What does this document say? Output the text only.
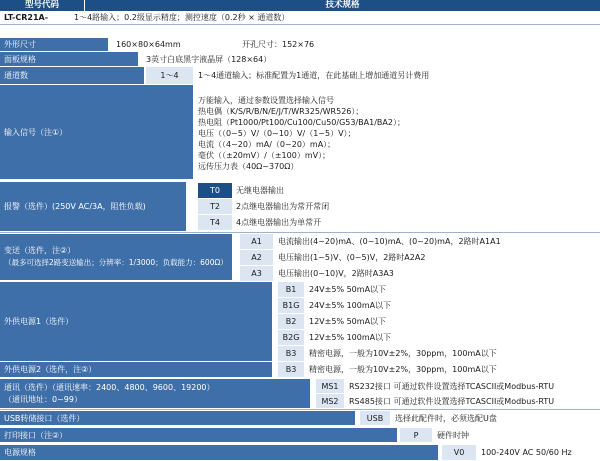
型号代码	技术规格
LT-CR21A-	1～4路输入；0.2级显示精度；测控速度（0.2秒 × 通道数）
外形尺寸	160×80×64mm	开孔尺寸：152×76
面板规格	3英寸白底黑字液晶屏（128×64）
通道数	1～4	1～4通道输入；标准配置为1通道，在此基础上增加通道另计费用
输入信号（注①）
万能输入，通过参数设置选择输入信号
热电偶（K/S/R/B/N/E/J/T/WR325/WR526）；
热电阻（Pt1000/Pt100/Cu100/Cu50/G53/BA1/BA2）；
电压（（0~5）V/（0~10）V/（1~5）V）；
电流（（4~20）mA/（0~20）mA）；
毫伏（（±20mV）/（±100）mV）；
远传压力表（40Ω~370Ω）
报警（选件）(250V AC/3A，阻性负载)
T0	无继电器输出
T2	2点继电器输出为常开常闭
T4	4点继电器输出为单常开
变送（选件，注②）
（最多可选择2路变送输出；分辨率：1/3000；负载能力：600Ω）
A1	电流输出(4~20)mA、(0~10)mA、(0~20)mA，2路时A1A1
A2	电压输出(1~5)V、(0~5)V，2路时A2A2
A3	电压输出(0~10)V，2路时A3A3
外供电源1（选件）
B1	24V±5% 50mA以下
B1G	24V±5% 100mA以下
B2	12V±5% 50mA以下
B2G	12V±5% 100mA以下
B3	精密电源，一般为10V±2%，30ppm，100mA以下
外供电源2（选件，注②）	B3	精密电源，一般为10V±2%，30ppm，100mA以下
通讯（选件）（通讯速率：2400、4800、9600、19200）
（通讯地址：0~99）
MS1	RS232接口 可通过软件设置选择TCASCII或Modbus-RTU
MS2	RS485接口 可通过软件设置选择TCASCII或Modbus-RTU
USB转储接口（选件）	USB	选择此配件时，必须选配U盘
打印接口（注②）	P	硬件时钟
电源规格	V0	100-240V AC 50/60 Hz
